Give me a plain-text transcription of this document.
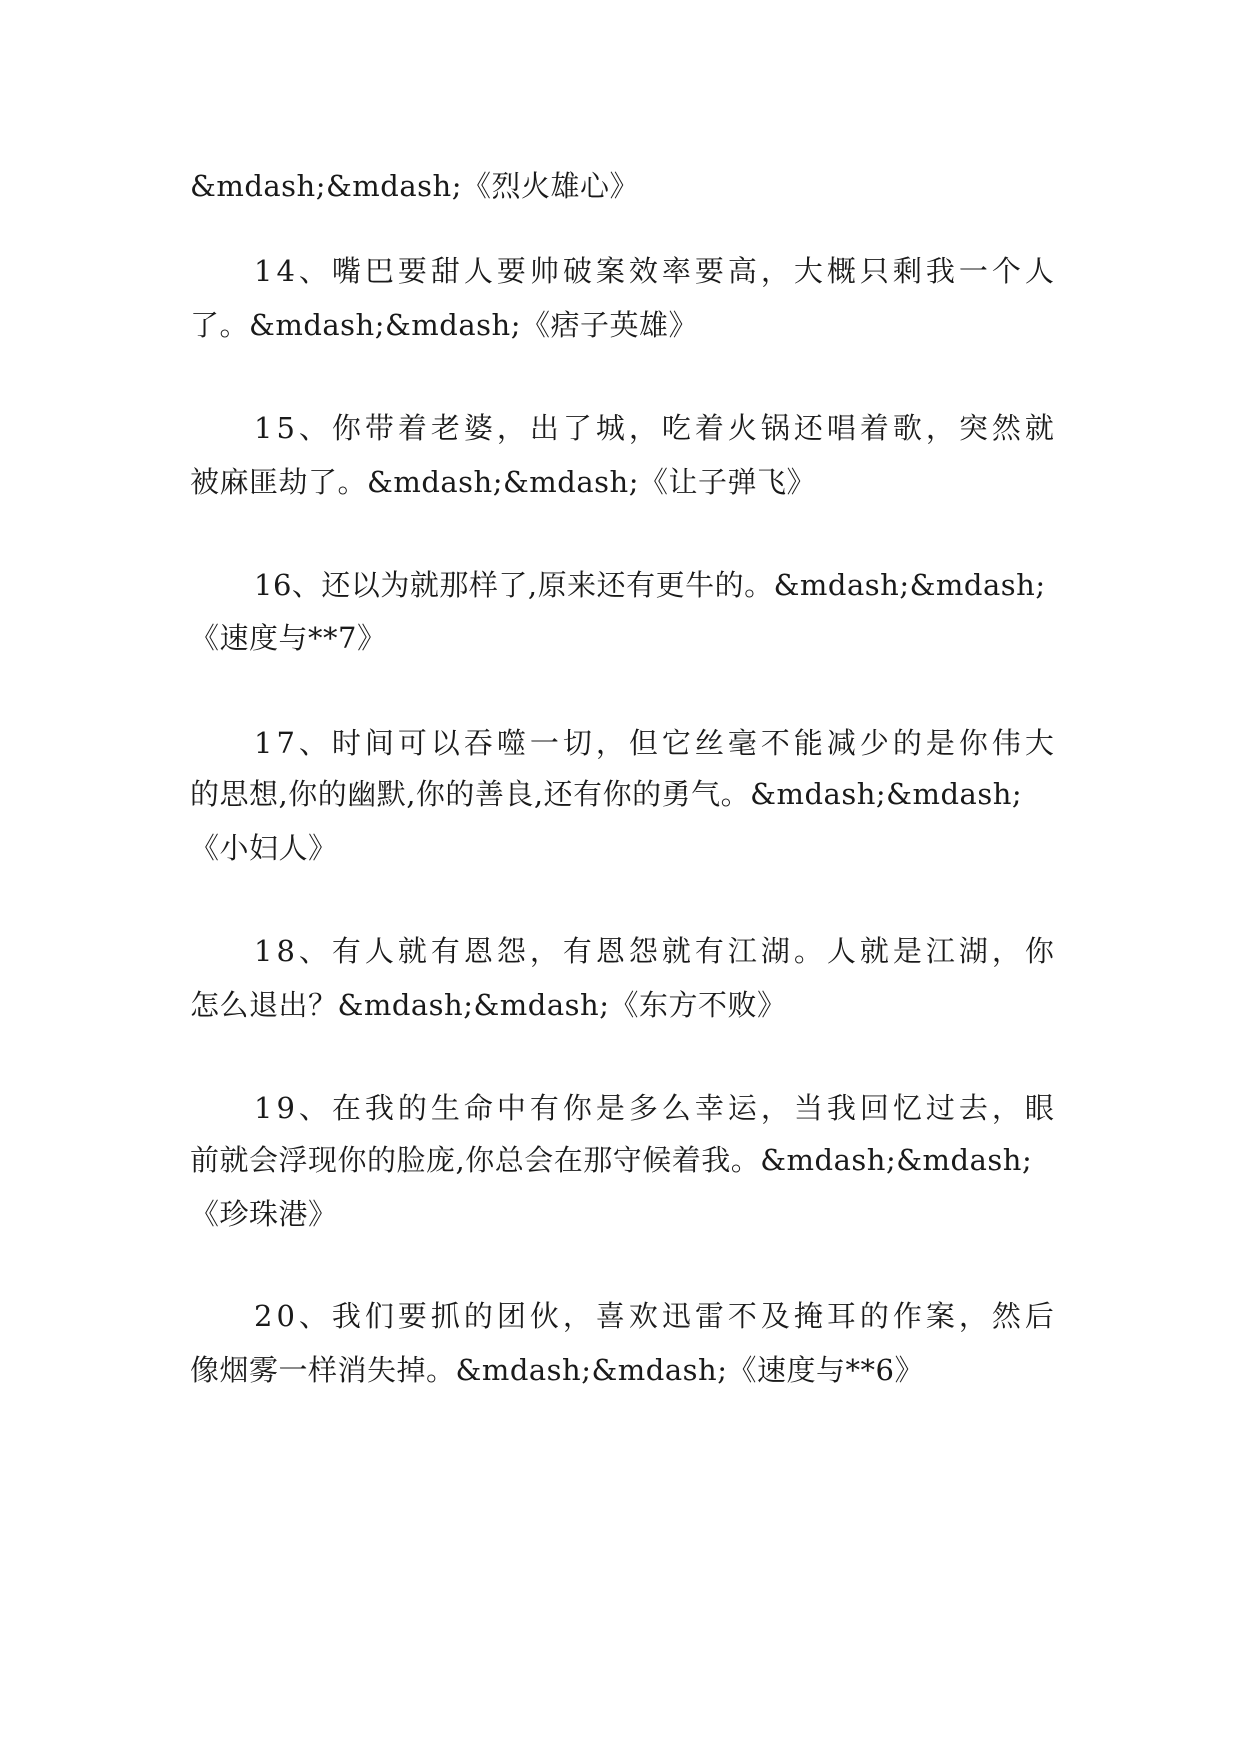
&mdash;&mdash;《烈火雄心》
14、嘴巴要甜人要帅破案效率要高，大概只剩我一个人
了。&mdash;&mdash;《痞子英雄》
15、你带着老婆，出了城，吃着火锅还唱着歌，突然就
被麻匪劫了。&mdash;&mdash;《让子弹飞》
16、还以为就那样了,原来还有更牛的。&mdash;&mdash;
《速度与**7》
17、时间可以吞噬一切，但它丝毫不能减少的是你伟大
的思想,你的幽默,你的善良,还有你的勇气。&mdash;&mdash;
《小妇人》
18、有人就有恩怨，有恩怨就有江湖。人就是江湖，你
怎么退出？&mdash;&mdash;《东方不败》
19、在我的生命中有你是多么幸运，当我回忆过去，眼
前就会浮现你的脸庞,你总会在那守候着我。&mdash;&mdash;
《珍珠港》
20、我们要抓的团伙，喜欢迅雷不及掩耳的作案，然后
像烟雾一样消失掉。&mdash;&mdash;《速度与**6》
